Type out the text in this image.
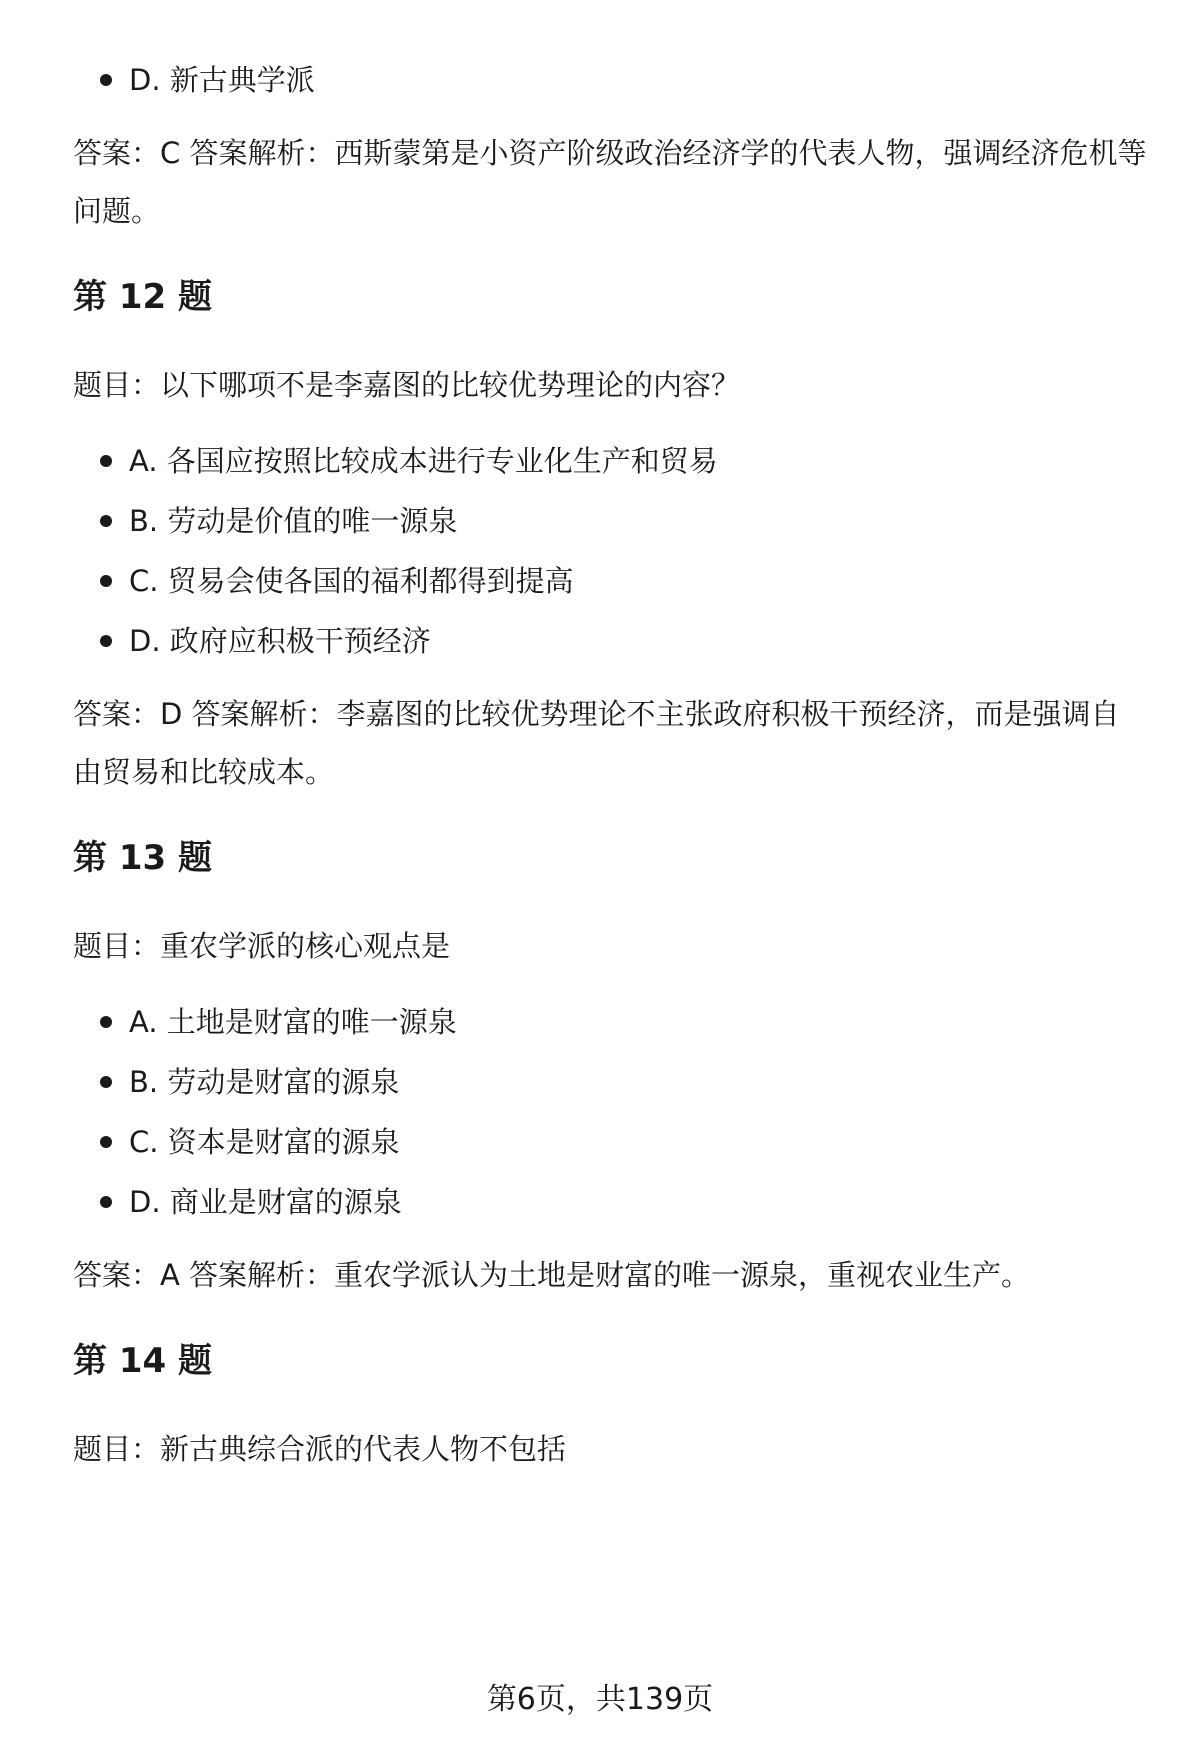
D. 新古典学派

答案：C 答案解析：西斯蒙第是小资产阶级政治经济学的代表人物，强调经济危机等问题。

第 12 题

题目：以下哪项不是李嘉图的比较优势理论的内容？

A. 各国应按照比较成本进行专业化生产和贸易
B. 劳动是价值的唯一源泉
C. 贸易会使各国的福利都得到提高
D. 政府应积极干预经济

答案：D 答案解析：李嘉图的比较优势理论不主张政府积极干预经济，而是强调自由贸易和比较成本。

第 13 题

题目：重农学派的核心观点是

A. 土地是财富的唯一源泉
B. 劳动是财富的源泉
C. 资本是财富的源泉
D. 商业是财富的源泉

答案：A 答案解析：重农学派认为土地是财富的唯一源泉，重视农业生产。

第 14 题

题目：新古典综合派的代表人物不包括

第6页，共139页
